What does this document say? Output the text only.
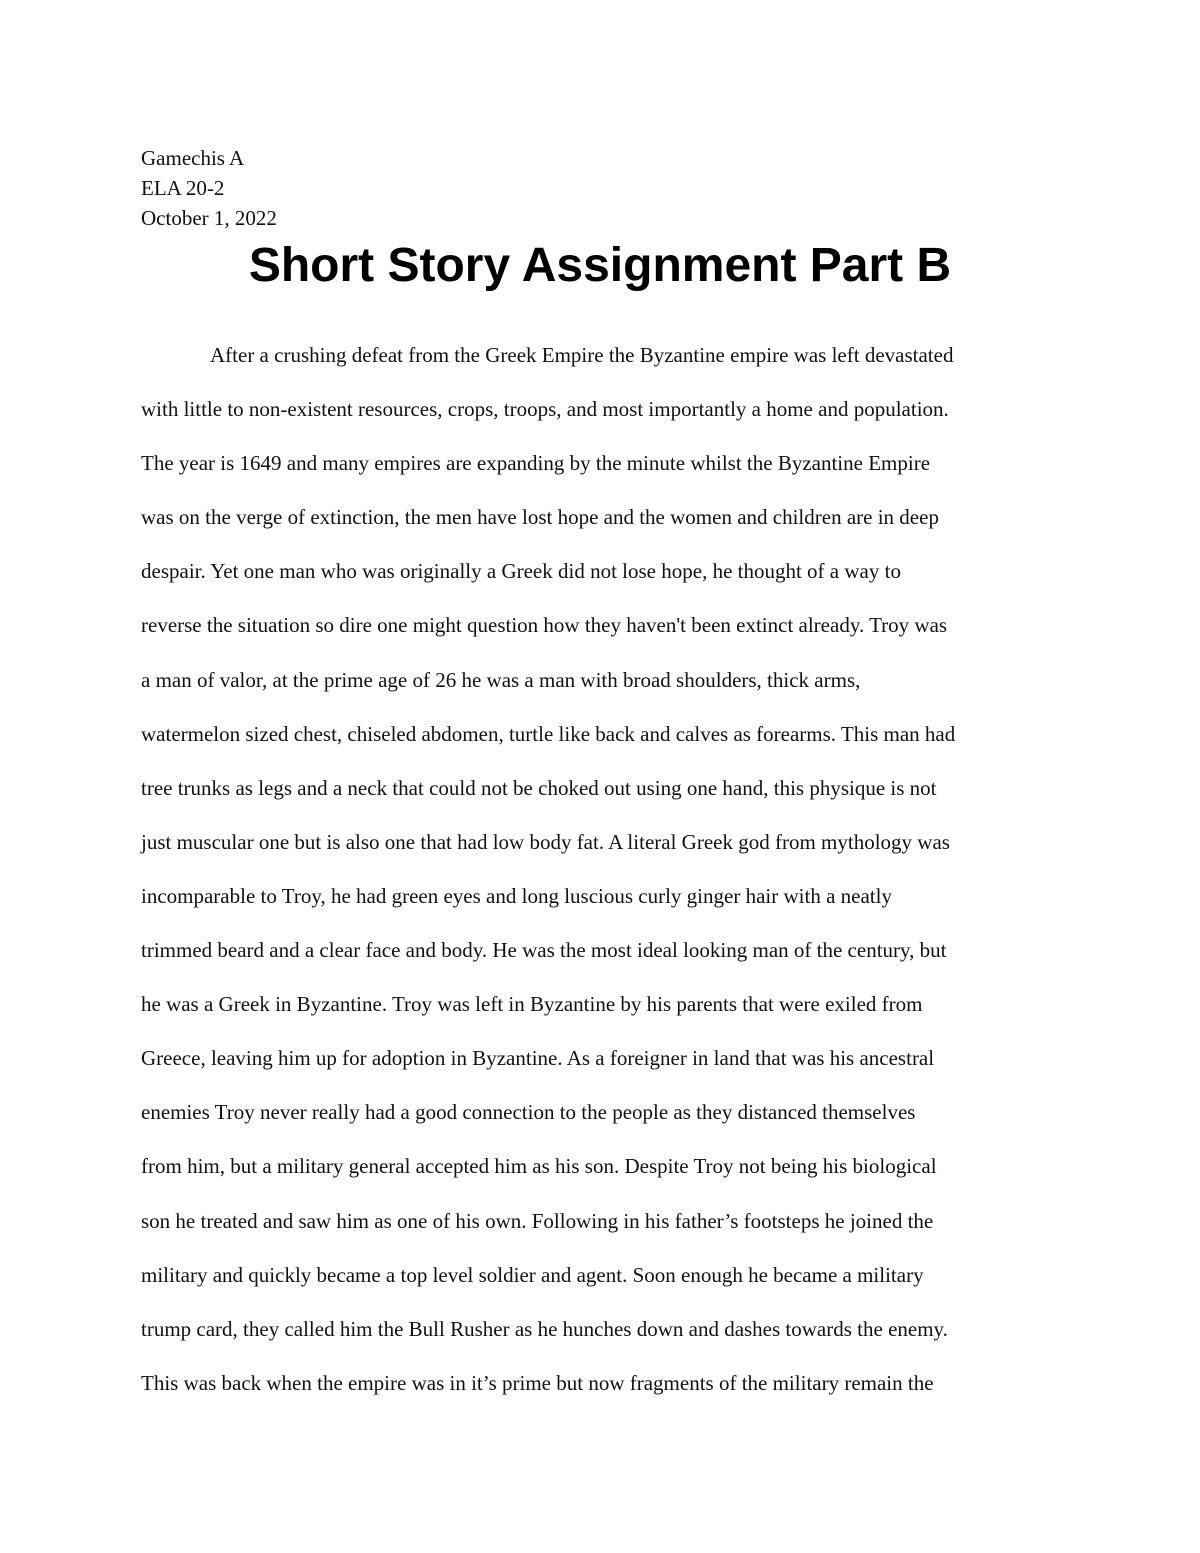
Gamechis A
ELA 20-2
October 1, 2022
Short Story Assignment Part B
After a crushing defeat from the Greek Empire the Byzantine empire was left devastated
with little to non-existent resources, crops, troops, and most importantly a home and population.
The year is 1649 and many empires are expanding by the minute whilst the Byzantine Empire
was on the verge of extinction, the men have lost hope and the women and children are in deep
despair. Yet one man who was originally a Greek did not lose hope, he thought of a way to
reverse the situation so dire one might question how they haven't been extinct already. Troy was
a man of valor, at the prime age of 26 he was a man with broad shoulders, thick arms,
watermelon sized chest, chiseled abdomen, turtle like back and calves as forearms. This man had
tree trunks as legs and a neck that could not be choked out using one hand, this physique is not
just muscular one but is also one that had low body fat. A literal Greek god from mythology was
incomparable to Troy, he had green eyes and long luscious curly ginger hair with a neatly
trimmed beard and a clear face and body. He was the most ideal looking man of the century, but
he was a Greek in Byzantine. Troy was left in Byzantine by his parents that were exiled from
Greece, leaving him up for adoption in Byzantine. As a foreigner in land that was his ancestral
enemies Troy never really had a good connection to the people as they distanced themselves
from him, but a military general accepted him as his son. Despite Troy not being his biological
son he treated and saw him as one of his own. Following in his father’s footsteps he joined the
military and quickly became a top level soldier and agent. Soon enough he became a military
trump card, they called him the Bull Rusher as he hunches down and dashes towards the enemy.
This was back when the empire was in it’s prime but now fragments of the military remain the
